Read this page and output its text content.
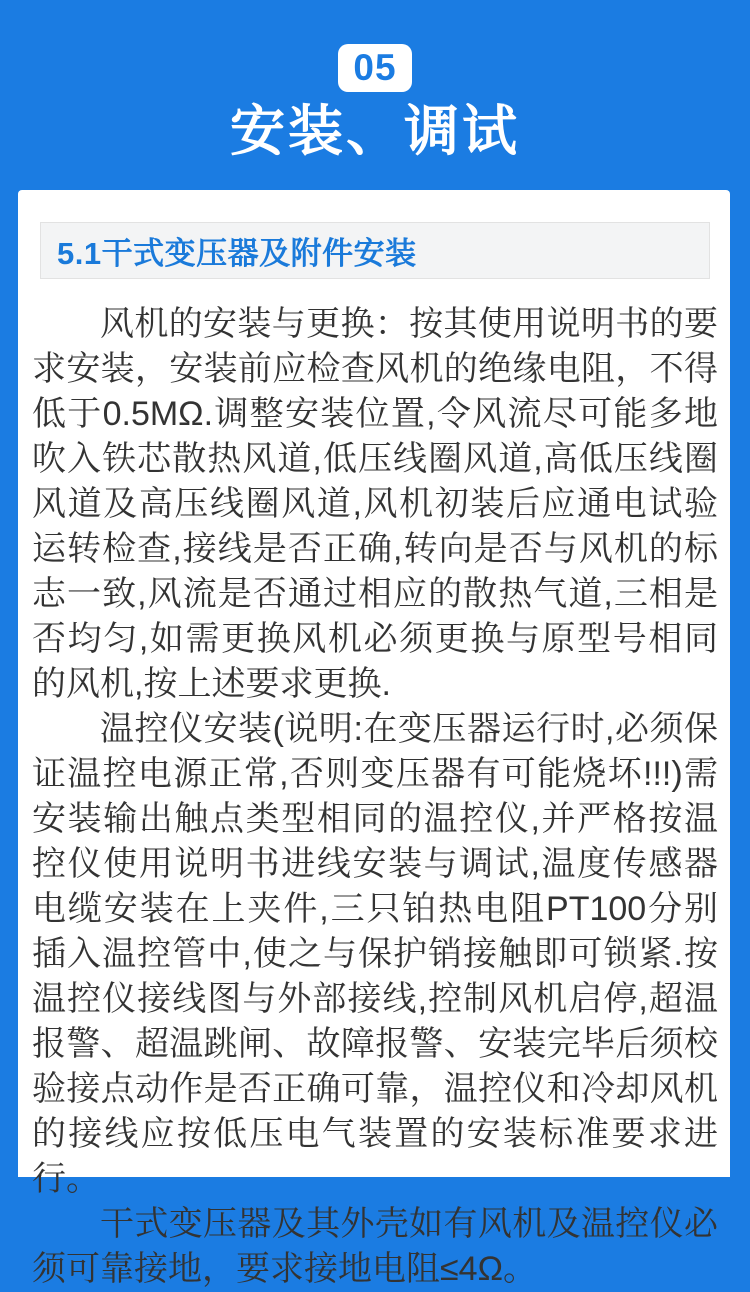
05
安装、调试
5.1干式变压器及附件安装

风机的安装与更换：按其使用说明书的要求安装，安装前应检查风机的绝缘电阻，不得低于0.5MΩ.调整安装位置,令风流尽可能多地吹入铁芯散热风道,低压线圈风道,高低压线圈风道及高压线圈风道,风机初装后应通电试验运转检查,接线是否正确,转向是否与风机的标志一致,风流是否通过相应的散热气道,三相是否均匀,如需更换风机必须更换与原型号相同的风机,按上述要求更换.

温控仪安装(说明:在变压器运行时,必须保证温控电源正常,否则变压器有可能烧坏!!!)需安装输出触点类型相同的温控仪,并严格按温控仪使用说明书进线安装与调试,温度传感器电缆安装在上夹件,三只铂热电阻PT100分别插入温控管中,使之与保护销接触即可锁紧.按温控仪接线图与外部接线,控制风机启停,超温报警、超温跳闸、故障报警、安装完毕后须校验接点动作是否正确可靠，温控仪和冷却风机的接线应按低压电气装置的安装标准要求进行。

干式变压器及其外壳如有风机及温控仪必须可靠接地，要求接地电阻≤4Ω。
